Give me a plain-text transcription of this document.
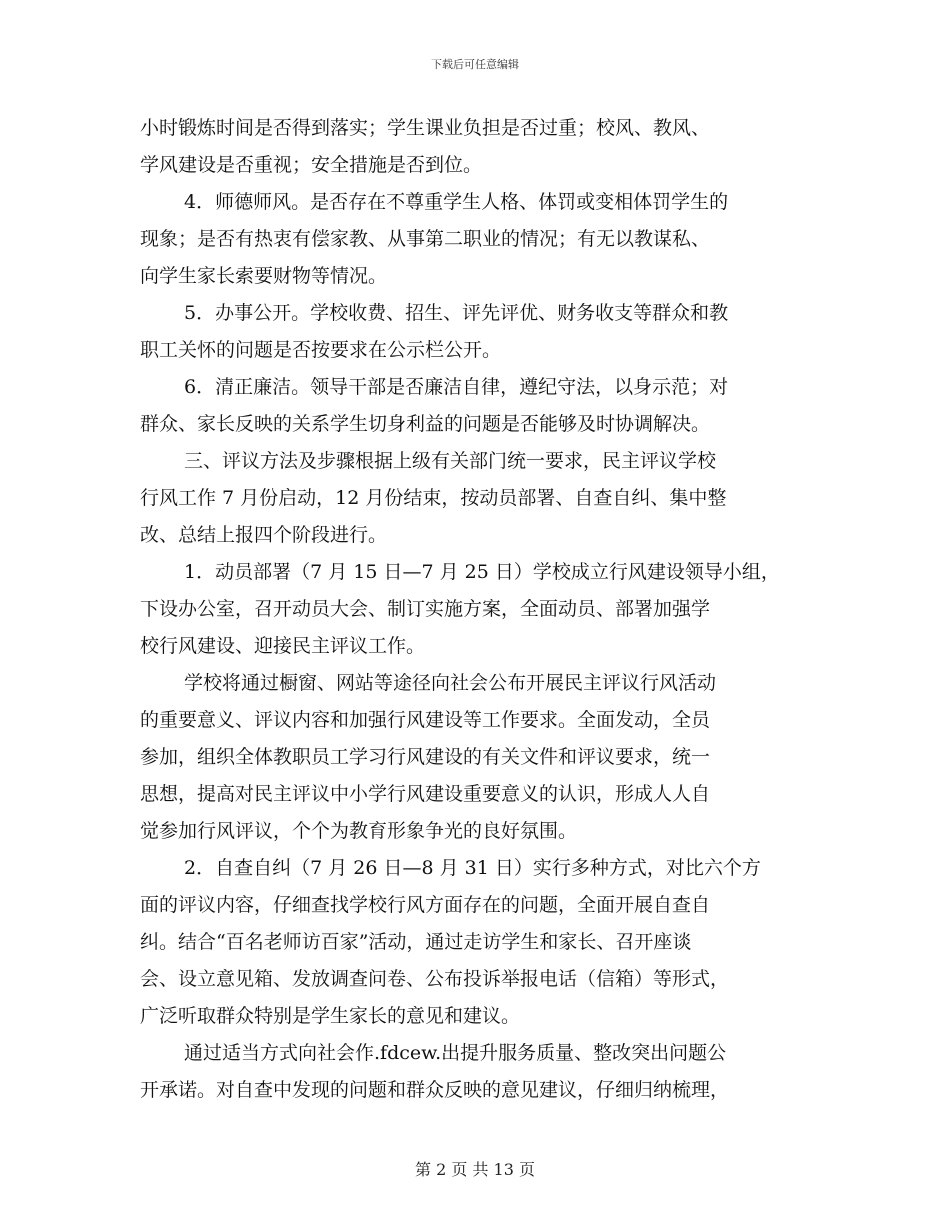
下载后可任意编辑
小时锻炼时间是否得到落实；学生课业负担是否过重；校风、教风、
学风建设是否重视；安全措施是否到位。
4．师德师风。是否存在不尊重学生人格、体罚或变相体罚学生的
现象；是否有热衷有偿家教、从事第二职业的情况；有无以教谋私、
向学生家长索要财物等情况。
5．办事公开。学校收费、招生、评先评优、财务收支等群众和教
职工关怀的问题是否按要求在公示栏公开。
6．清正廉洁。领导干部是否廉洁自律，遵纪守法，以身示范；对
群众、家长反映的关系学生切身利益的问题是否能够及时协调解决。
三、评议方法及步骤根据上级有关部门统一要求，民主评议学校
行风工作 7 月份启动，12 月份结束，按动员部署、自查自纠、集中整
改、总结上报四个阶段进行。
1．动员部署（7 月 15 日—7 月 25 日）学校成立行风建设领导小组，
下设办公室，召开动员大会、制订实施方案，全面动员、部署加强学
校行风建设、迎接民主评议工作。
学校将通过橱窗、网站等途径向社会公布开展民主评议行风活动
的重要意义、评议内容和加强行风建设等工作要求。全面发动，全员
参加，组织全体教职员工学习行风建设的有关文件和评议要求，统一
思想，提高对民主评议中小学行风建设重要意义的认识，形成人人自
觉参加行风评议，个个为教育形象争光的良好氛围。
2．自查自纠（7 月 26 日—8 月 31 日）实行多种方式，对比六个方
面的评议内容，仔细查找学校行风方面存在的问题，全面开展自查自
纠。结合“百名老师访百家”活动，通过走访学生和家长、召开座谈
会、设立意见箱、发放调查问卷、公布投诉举报电话（信箱）等形式，
广泛听取群众特别是学生家长的意见和建议。
通过适当方式向社会作.fdcew.出提升服务质量、整改突出问题公
开承诺。对自查中发现的问题和群众反映的意见建议，仔细归纳梳理，
第 2 页 共 13 页
